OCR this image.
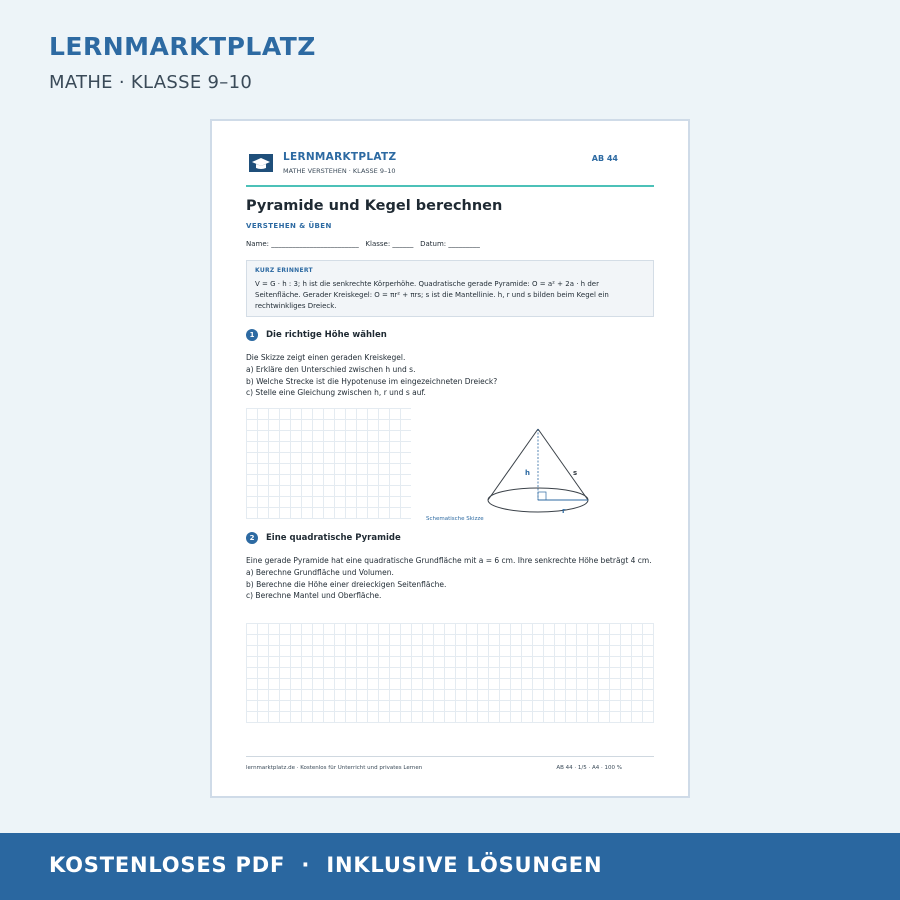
LERNMARKTPLATZ
MATHE · KLASSE 9–10
LERNMARKTPLATZ
MATHE VERSTEHEN · KLASSE 9–10
AB 44
Pyramide und Kegel berechnen
VERSTEHEN & ÜBEN
Name: _________________________   Klasse: ______   Datum: _________
KURZ ERINNERT
V = G · h : 3; h ist die senkrechte Körperhöhe. Quadratische gerade Pyramide: O = a² + 2a · h der Seitenfläche. Gerader Kreiskegel: O = πr² + πrs; s ist die Mantellinie. h, r und s bilden beim Kegel ein rechtwinkliges Dreieck.
1	Die richtige Höhe wählen
Die Skizze zeigt einen geraden Kreiskegel.
a) Erkläre den Unterschied zwischen h und s.
b) Welche Strecke ist die Hypotenuse im eingezeichneten Dreieck?
c) Stelle eine Gleichung zwischen h, r und s auf.
h	s
r
Schematische Skizze
2	Eine quadratische Pyramide
Eine gerade Pyramide hat eine quadratische Grundfläche mit a = 6 cm. Ihre senkrechte Höhe beträgt 4 cm.
a) Berechne Grundfläche und Volumen.
b) Berechne die Höhe einer dreieckigen Seitenfläche.
c) Berechne Mantel und Oberfläche.
lernmarktplatz.de · Kostenlos für Unterricht und privates Lernen	AB 44 · 1/5 · A4 · 100 %
KOSTENLOSES PDF  ·  INKLUSIVE LÖSUNGEN
